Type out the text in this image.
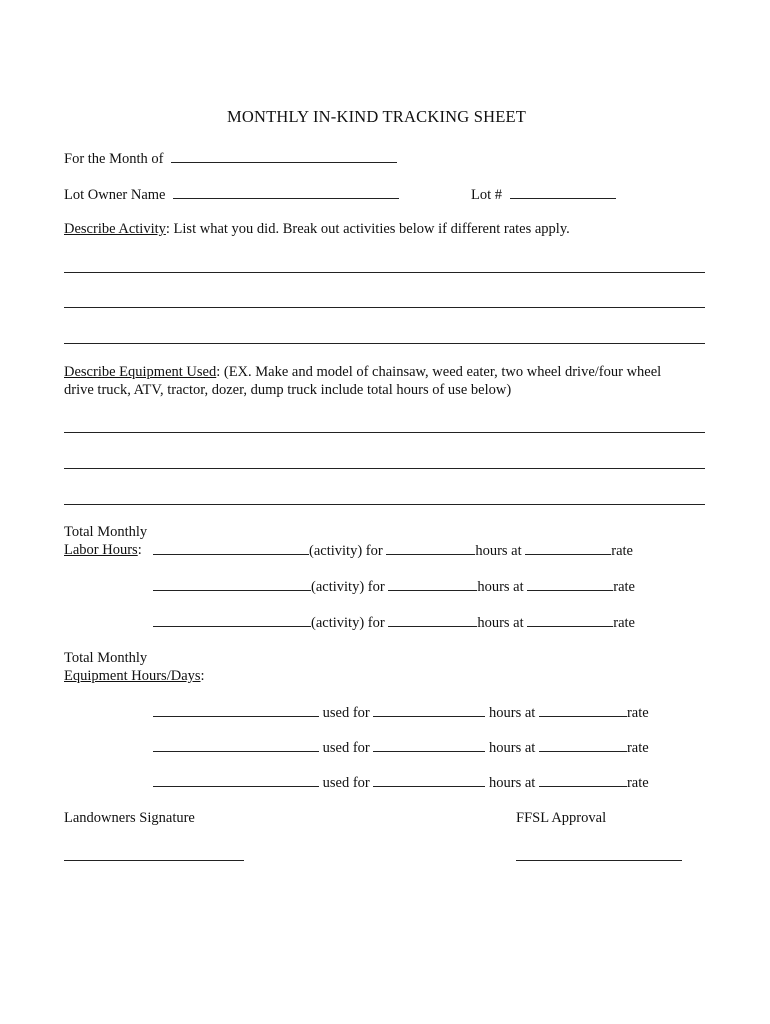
MONTHLY IN-KIND TRACKING SHEET
For the Month of
Lot Owner Name	Lot #
Describe Activity: List what you did. Break out activities below if different rates apply.
Describe Equipment Used: (EX. Make and model of chainsaw, weed eater, two wheel drive/four wheel
drive truck, ATV, tractor, dozer, dump truck include total hours of use below)
Total Monthly
Labor Hours:	(activity) for	hours at	rate
(activity) for	hours at	rate
(activity) for	hours at	rate
Total Monthly
Equipment Hours/Days:
used for	hours at	rate
used for	hours at	rate
used for	hours at	rate
Landowners Signature	FFSL Approval
